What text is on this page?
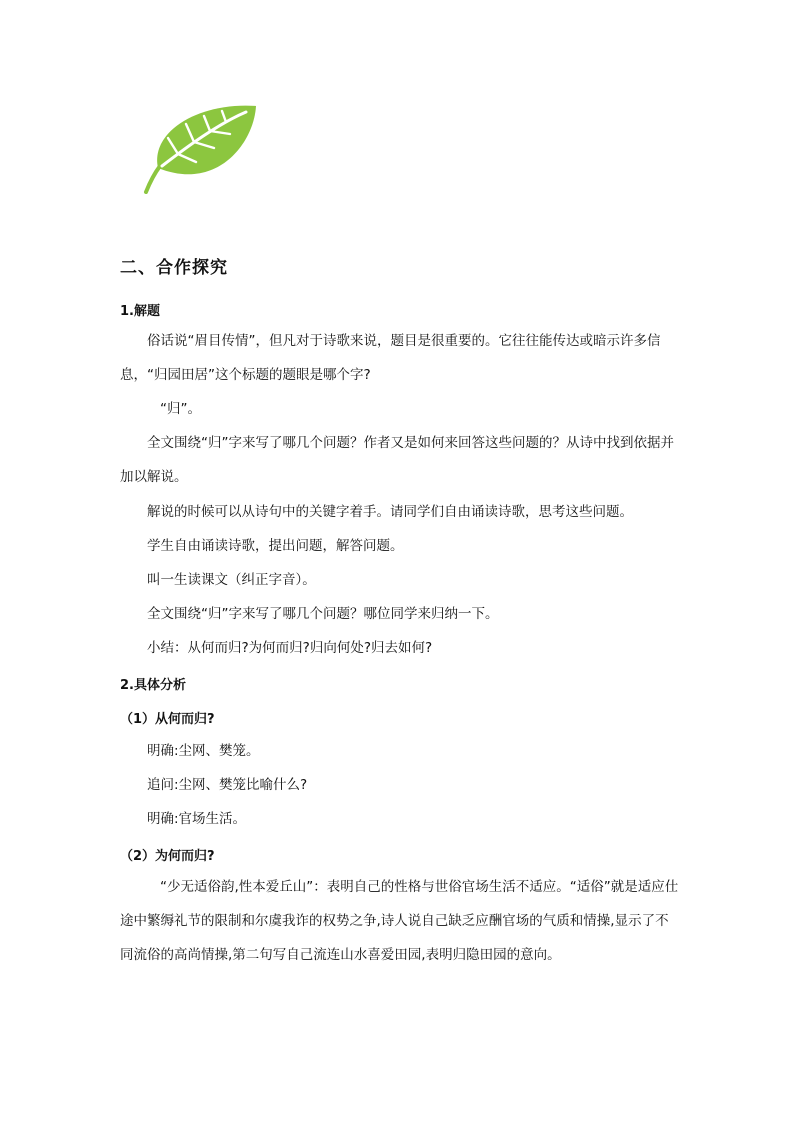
二、合作探究
1.解题
俗话说“眉目传情”，但凡对于诗歌来说，题目是很重要的。它往往能传达或暗示许多信息，“归园田居”这个标题的题眼是哪个字?
“归”。
全文围绕“归”字来写了哪几个问题？作者又是如何来回答这些问题的？从诗中找到依据并加以解说。
解说的时候可以从诗句中的关键字着手。请同学们自由诵读诗歌，思考这些问题。
学生自由诵读诗歌，提出问题，解答问题。
叫一生读课文（纠正字音）。
全文围绕“归”字来写了哪几个问题？哪位同学来归纳一下。
小结：从何而归?为何而归?归向何处?归去如何?
2.具体分析
（1）从何而归?
明确:尘网、樊笼。
追问:尘网、樊笼比喻什么?
明确:官场生活。
（2）为何而归?
“少无适俗韵,性本爱丘山”：表明自己的性格与世俗官场生活不适应。“适俗”就是适应仕途中繁缛礼节的限制和尔虞我诈的权势之争,诗人说自己缺乏应酬官场的气质和情操,显示了不同流俗的高尚情操,第二句写自己流连山水喜爱田园,表明归隐田园的意向。
